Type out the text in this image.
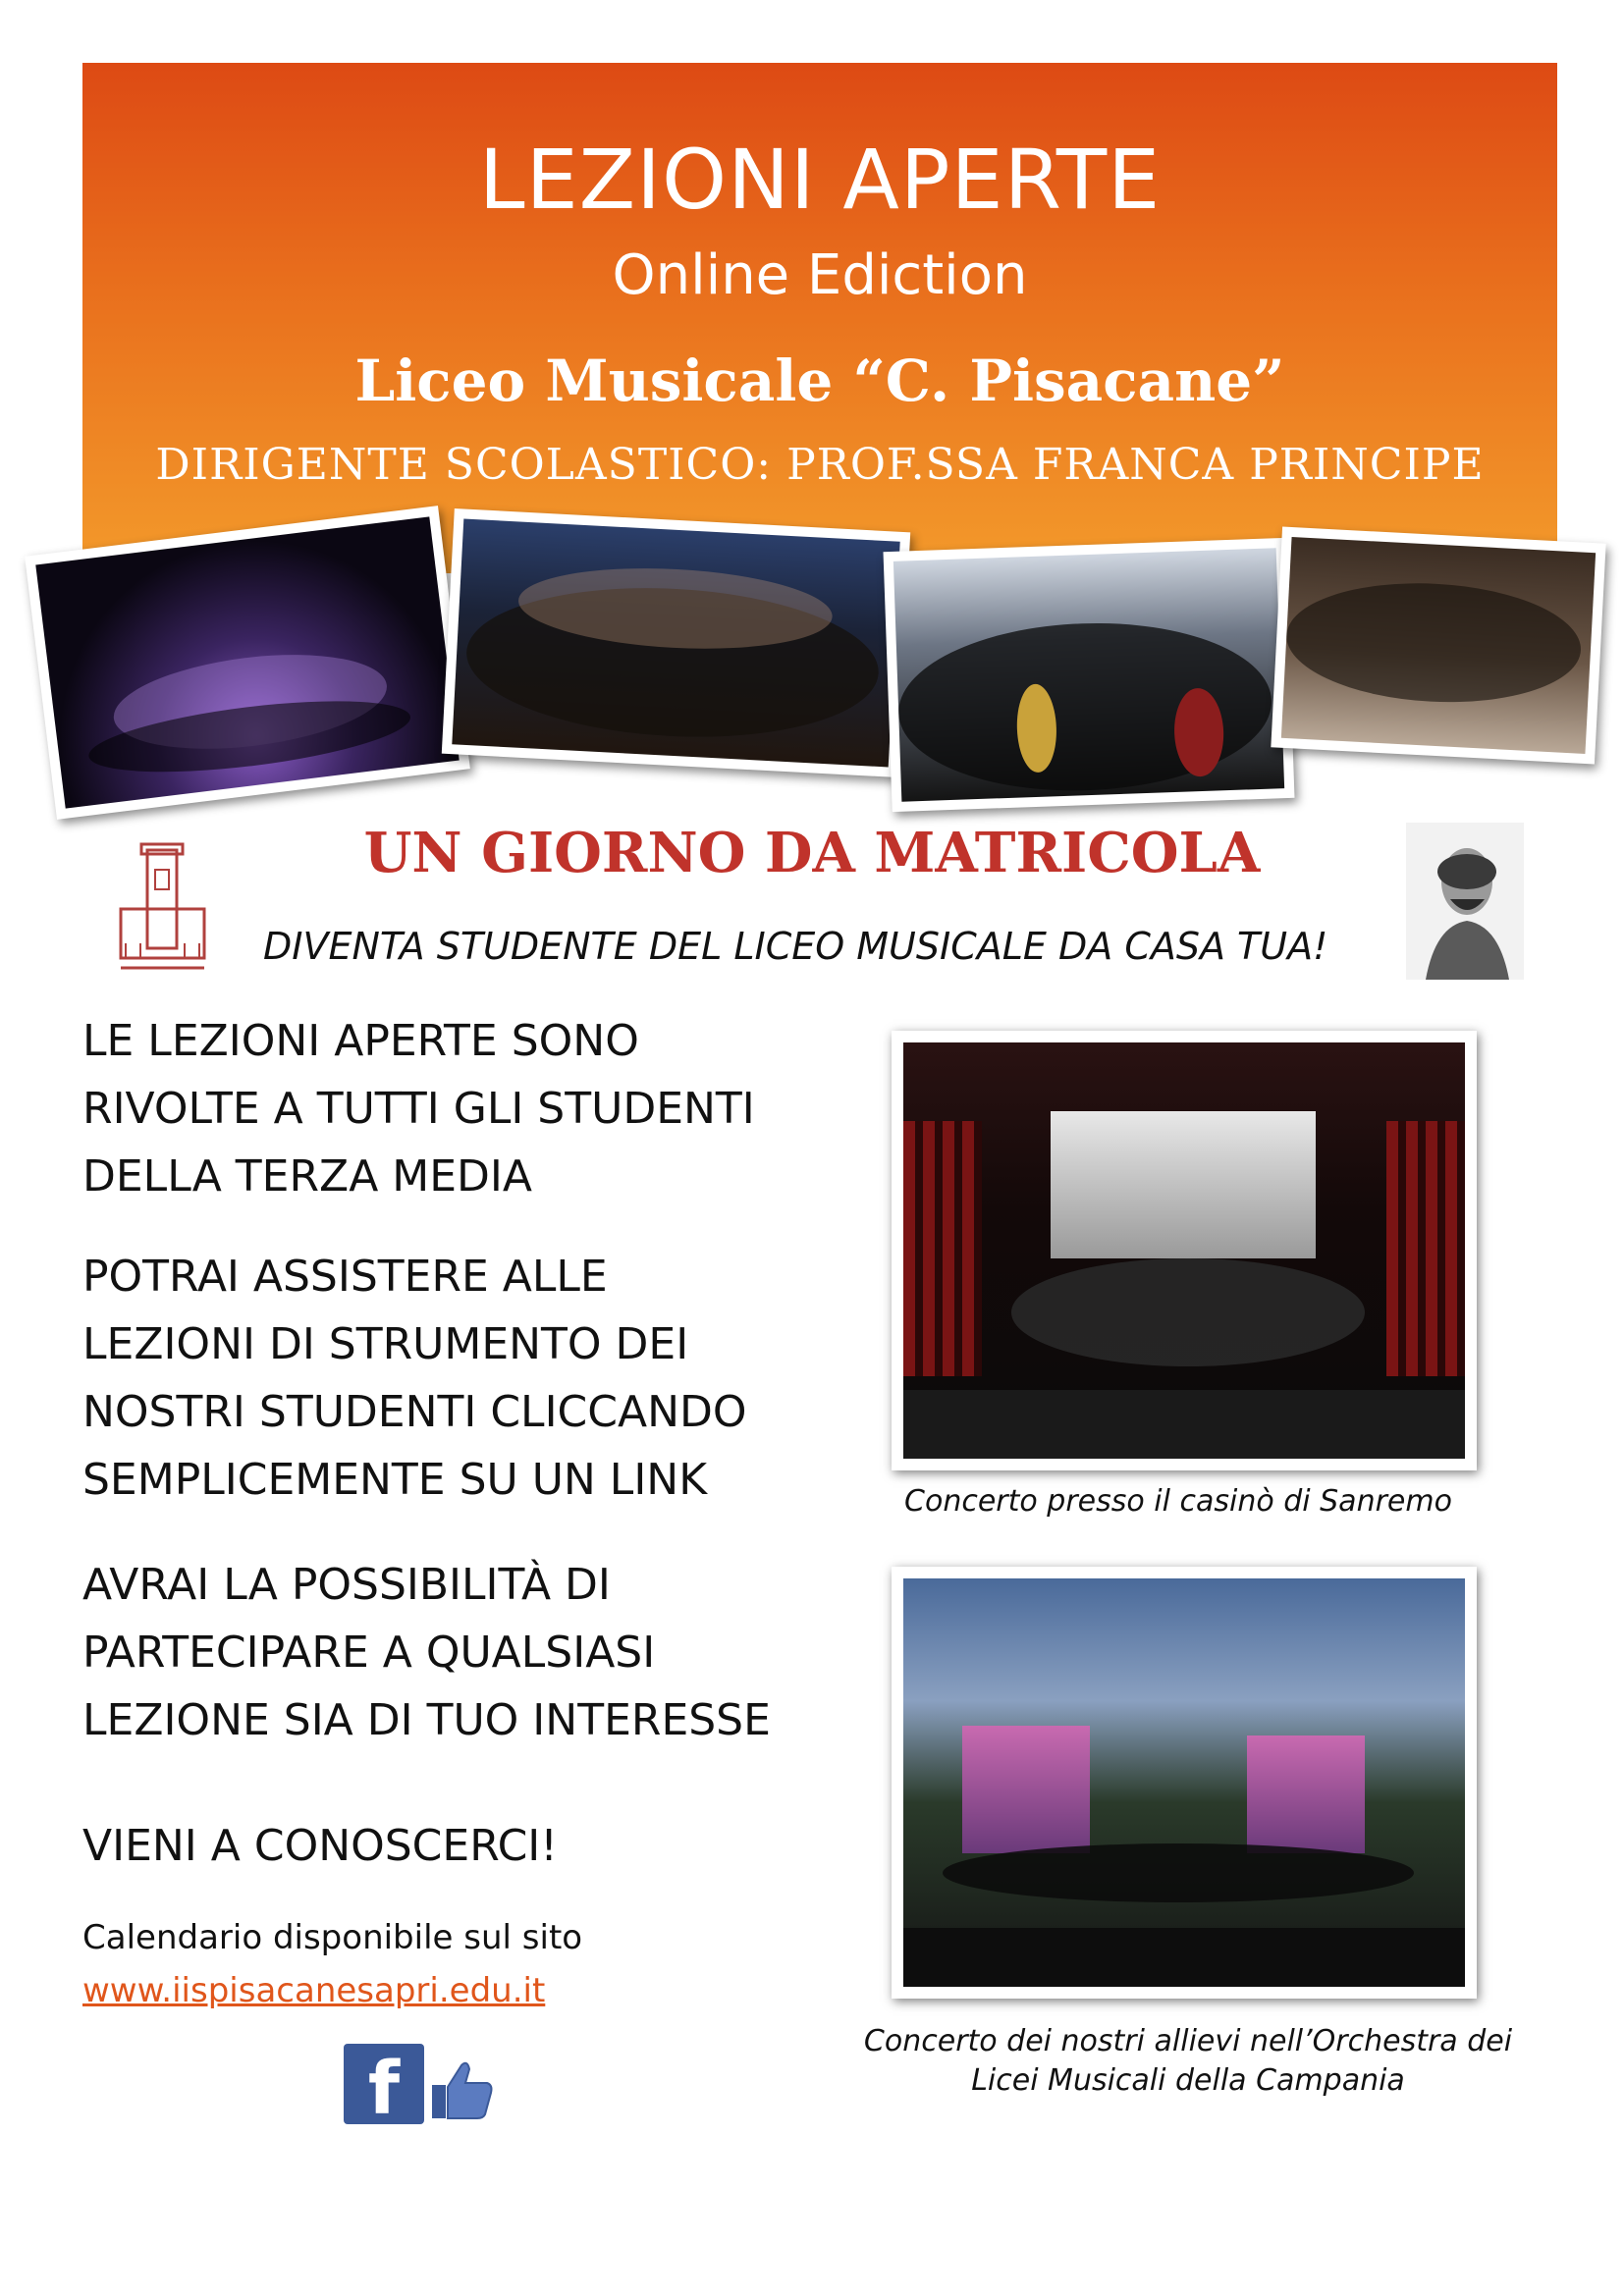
LEZIONI APERTE
Online Ediction
Liceo Musicale “C. Pisacane”
DIRIGENTE SCOLASTICO: PROF.SSA FRANCA PRINCIPE
UN GIORNO DA MATRICOLA
DIVENTA STUDENTE DEL LICEO MUSICALE DA CASA TUA!
LE LEZIONI APERTE SONO
RIVOLTE A TUTTI GLI STUDENTI
DELLA TERZA MEDIA
POTRAI ASSISTERE ALLE
LEZIONI DI STRUMENTO DEI
NOSTRI STUDENTI CLICCANDO
SEMPLICEMENTE SU UN LINK
AVRAI LA POSSIBILITÀ DI
PARTECIPARE A QUALSIASI
LEZIONE SIA DI TUO INTERESSE
VIENI A CONOSCERCI!
Calendario disponibile sul sito
www.iispisacanesapri.edu.it
f
Concerto presso il casinò di Sanremo
Concerto dei nostri allievi nell’Orchestra dei
Licei Musicali della Campania
